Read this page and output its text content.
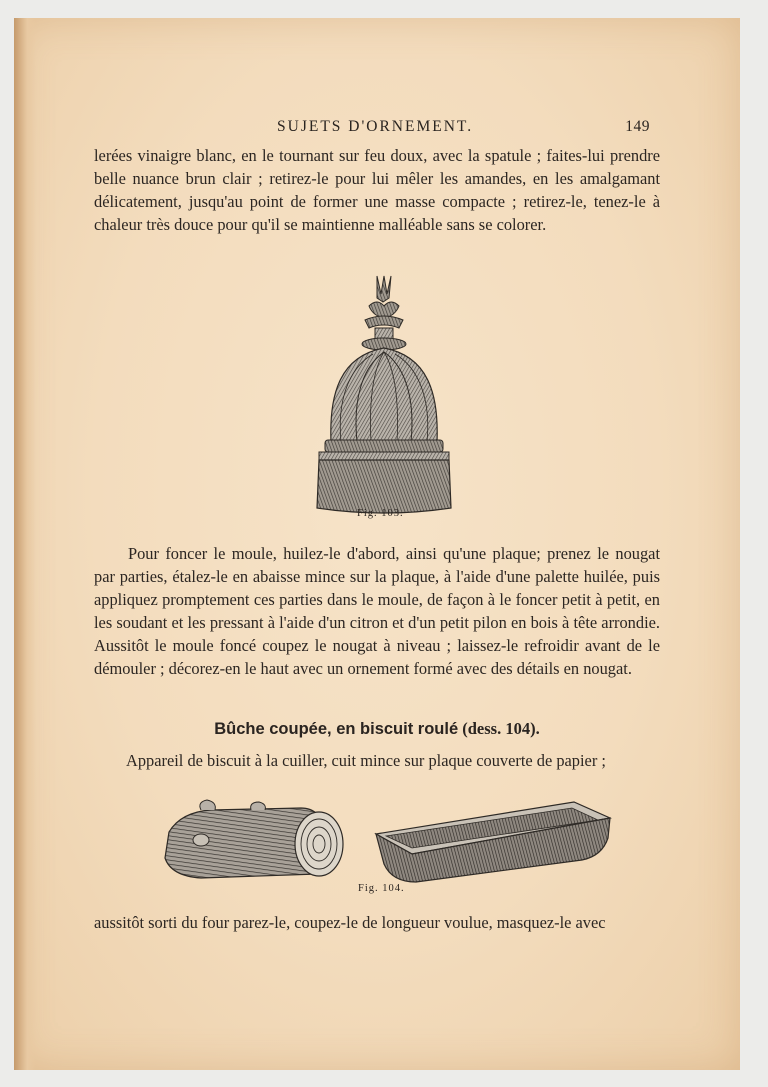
SUJETS D'ORNEMENT.	149

lerées vinaigre blanc, en le tournant sur feu doux, avec la spatule ; faites-lui prendre belle nuance brun clair ; retirez-le pour lui mêler les amandes, en les amalgamant délicatement, jusqu'au point de former une masse compacte ; retirez-le, tenez-le à chaleur très douce pour qu'il se maintienne malléable sans se colorer.

Fig. 103.

Pour foncer le moule, huilez-le d'abord, ainsi qu'une plaque; prenez le nougat par parties, étalez-le en abaisse mince sur la plaque, à l'aide d'une palette huilée, puis appliquez promptement ces parties dans le moule, de façon à le foncer petit à petit, en les soudant et les pressant à l'aide d'un citron et d'un petit pilon en bois à tête arrondie. Aussitôt le moule foncé coupez le nougat à niveau ; laissez-le refroidir avant de le démouler ; décorez-en le haut avec un ornement formé avec des détails en nougat.

Bûche coupée, en biscuit roulé (dess. 104).

Appareil de biscuit à la cuiller, cuit mince sur plaque couverte de papier ;

Fig. 104.

aussitôt sorti du four parez-le, coupez-le de longueur voulue, masquez-le avec
